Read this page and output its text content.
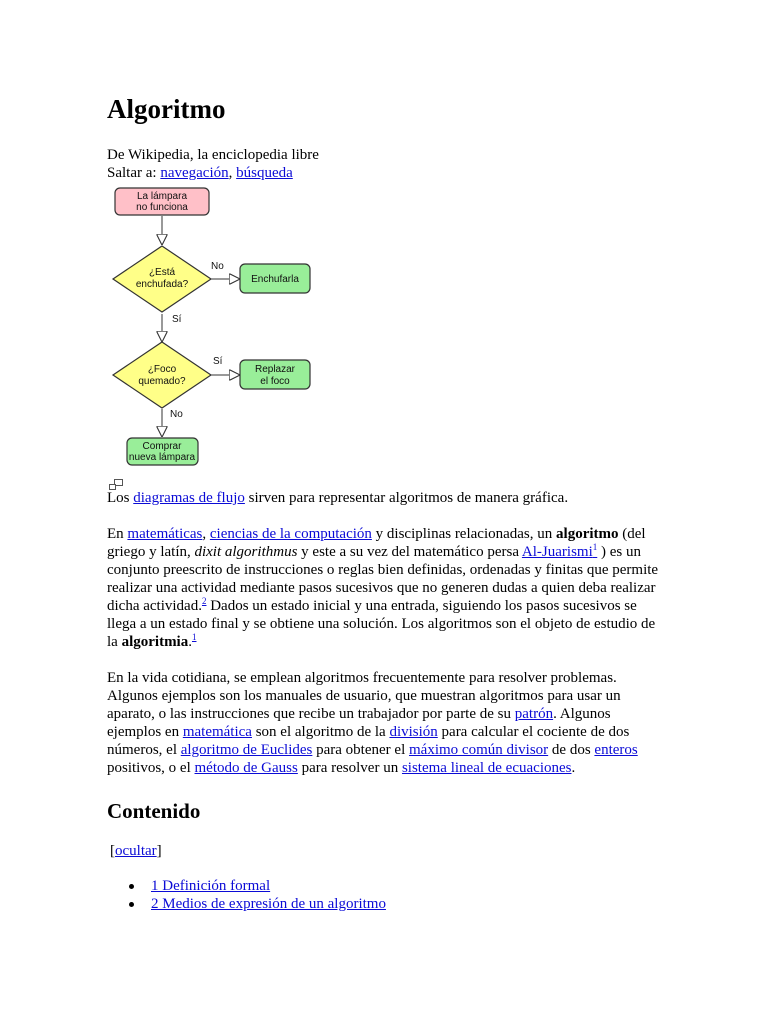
Algoritmo
De Wikipedia, la enciclopedia libre
Saltar a: navegación, búsqueda
La lámpara
no funciona
¿Está
enchufada?
No
Sí
Enchufarla
¿Foco
quemado?
Sí
No
Replazar
el foco
Comprar
nueva lámpara

Los diagramas de flujo sirven para representar algoritmos de manera gráfica.

En matemáticas, ciencias de la computación y disciplinas relacionadas, un algoritmo (del griego y latín, dixit algorithmus y este a su vez del matemático persa Al-Juarismi$^1$ ) es un conjunto preescrito de instrucciones o reglas bien definidas, ordenadas y finitas que permite realizar una actividad mediante pasos sucesivos que no generen dudas a quien deba realizar dicha actividad.$^2$ Dados un estado inicial y una entrada, siguiendo los pasos sucesivos se llega a un estado final y se obtiene una solución. Los algoritmos son el objeto de estudio de la algoritmia.$^1$

En la vida cotidiana, se emplean algoritmos frecuentemente para resolver problemas. Algunos ejemplos son los manuales de usuario, que muestran algoritmos para usar un aparato, o las instrucciones que recibe un trabajador por parte de su patrón. Algunos ejemplos en matemática son el algoritmo de la división para calcular el cociente de dos números, el algoritmo de Euclides para obtener el máximo común divisor de dos enteros positivos, o el método de Gauss para resolver un sistema lineal de ecuaciones.

Contenido
[ocultar]
1 Definición formal
2 Medios de expresión de un algoritmo
